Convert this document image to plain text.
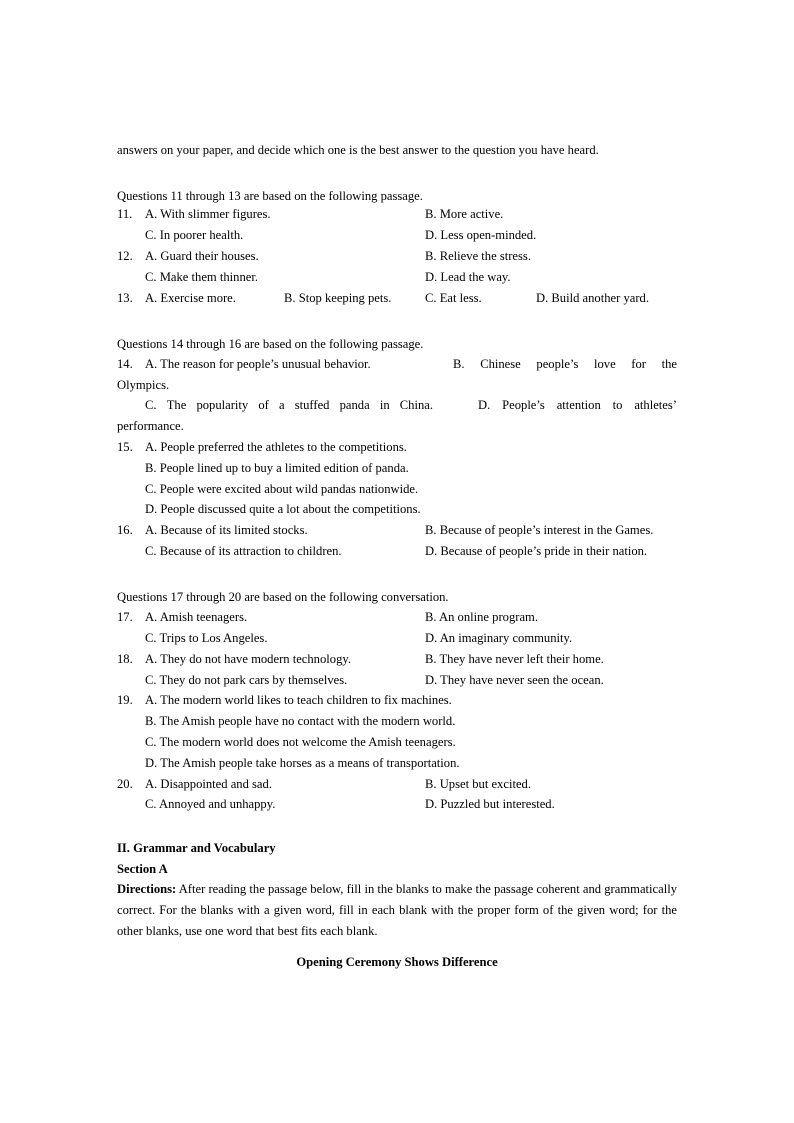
answers on your paper, and decide which one is the best answer to the question you have heard.
Questions 11 through 13 are based on the following passage.
11.	A. With slimmer figures.	B. More active.
C. In poorer health.	D. Less open-minded.
12. A. Guard their houses.	B. Relieve the stress.
C. Make them thinner.	D. Lead the way.
13. A. Exercise more.	B. Stop keeping pets.	C. Eat less.	D. Build another yard.
Questions 14 through 16 are based on the following passage.
14. A. The reason for people’s unusual behavior.	B. Chinese people’s love for the
Olympics.
C. The popularity of a stuffed panda in China.	D. People’s attention to athletes’
performance.
15. A. People preferred the athletes to the competitions.
B. People lined up to buy a limited edition of panda.
C. People were excited about wild pandas nationwide.
D. People discussed quite a lot about the competitions.
16. A. Because of its limited stocks.	B. Because of people’s interest in the Games.
C. Because of its attraction to children.	D. Because of people’s pride in their nation.
Questions 17 through 20 are based on the following conversation.
17. A. Amish teenagers.	B. An online program.
C. Trips to Los Angeles.	D. An imaginary community.
18. A. They do not have modern technology.	B. They have never left their home.
C. They do not park cars by themselves.	D. They have never seen the ocean.
19. A. The modern world likes to teach children to fix machines.
B. The Amish people have no contact with the modern world.
C. The modern world does not welcome the Amish teenagers.
D. The Amish people take horses as a means of transportation.
20. A. Disappointed and sad.	B. Upset but excited.
C. Annoyed and unhappy.	D. Puzzled but interested.
II. Grammar and Vocabulary
Section A
Directions: After reading the passage below, fill in the blanks to make the passage coherent and grammatically correct. For the blanks with a given word, fill in each blank with the proper form of the given word; for the other blanks, use one word that best fits each blank.
Opening Ceremony Shows Difference
